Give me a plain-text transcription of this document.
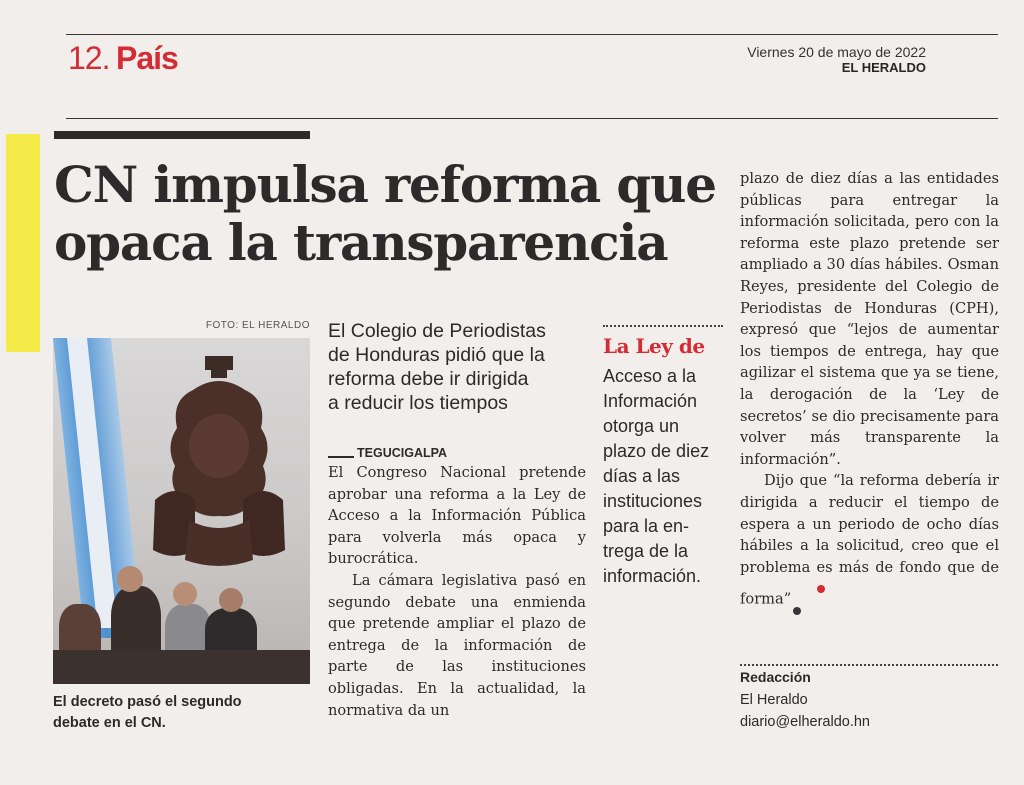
12. País	Viernes 20 de mayo de 2022
EL HERALDO
CN impulsa reforma que
opaca la transparencia
FOTO: EL HERALDO
El decreto pasó el segundo
debate en el CN.
El Colegio de Periodistas
de Honduras pidió que la
reforma debe ir dirigida
a reducir los tiempos
TEGUCIGALPA

El Congreso Nacional pretende aprobar una reforma a la Ley de Acceso a la Información Pública para volverla más opaca y burocrática.

La cámara legislativa pasó en segundo debate una enmienda que pretende ampliar el plazo de entrega de la información de parte de las instituciones obligadas. En la actualidad, la normativa da un

La Ley de
Acceso a la
Información
otorga un
plazo de diez
días a las
instituciones
para la en-
trega de la
información.

plazo de diez días a las entidades públicas para entregar la información solicitada, pero con la reforma este plazo pretende ser ampliado a 30 días hábiles. Osman Reyes, presidente del Colegio de Periodistas de Honduras (CPH), expresó que “lejos de aumentar los tiempos de entrega, hay que agilizar el sistema que ya se tiene, la derogación de la ‘Ley de secretos’ se dio precisamente para volver más transparente la información”.

Dijo que “la reforma debería ir dirigida a reducir el tiempo de espera a un periodo de ocho días hábiles a la solicitud, creo que el problema es más de fondo que de forma”

Redacción
El Heraldo
diario@elheraldo.hn
